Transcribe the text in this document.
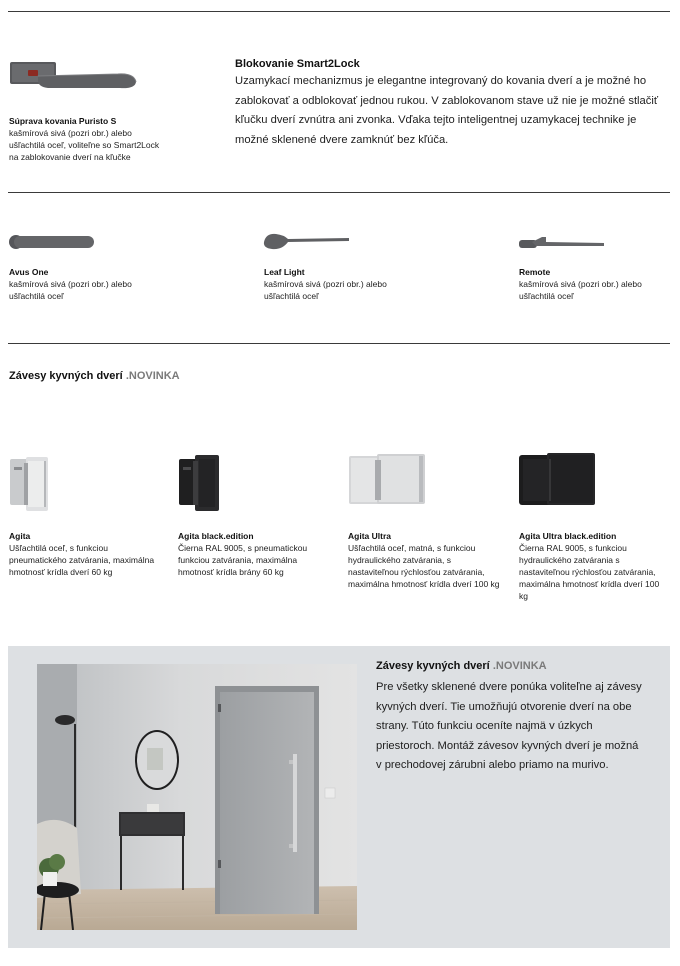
Súprava kovania Puristo S
kašmírová sivá (pozri obr.) alebo ušľachtilá oceľ, voliteľne so Smart2Lock na zablokovanie dverí na kľučke
Blokovanie Smart2Lock
Uzamykací mechanizmus je elegantne integrovaný do kovania dverí a je možné ho zablokovať a odblokovať jednou rukou. V zablokovanom stave už nie je možné stlačiť kľučku dverí zvnútra ani zvonka. Vďaka tejto inteligentnej uzamykacej technike je možné sklenené dvere zamknúť bez kľúča.
Avus One
kašmírová sivá (pozri obr.) alebo ušľachtilá oceľ
Leaf Light
kašmírová sivá (pozri obr.) alebo ušľachtilá oceľ
Remote
kašmírová sivá (pozri obr.) alebo ušľachtilá oceľ
Závesy kyvných dverí .NOVINKA
Agita
Ušľachtilá oceľ, s funkciou pneumatického zatvárania, maximálna hmotnosť krídla dverí 60 kg
Agita black.edition
Čierna RAL 9005, s pneumatickou funkciou zatvárania, maximálna hmotnosť krídla brány 60 kg
Agita Ultra
Ušľachtilá oceľ, matná, s funkciou hydraulického zatvárania, s nastaviteľnou rýchlosťou zatvárania, maximálna hmotnosť krídla dverí 100 kg
Agita Ultra black.edition
Čierna RAL 9005, s funkciou hydraulického zatvárania s nastaviteľnou rýchlosťou zatvárania, maximálna hmotnosť krídla dverí 100 kg
Závesy kyvných dverí .NOVINKA
Pre všetky sklenené dvere ponúka voliteľne aj závesy kyvných dverí. Tie umožňujú otvorenie dverí na obe strany. Túto funkciu oceníte najmä v úzkych priestoroch. Montáž závesov kyvných dverí je možná v prechodovej zárubni alebo priamo na murivo.
